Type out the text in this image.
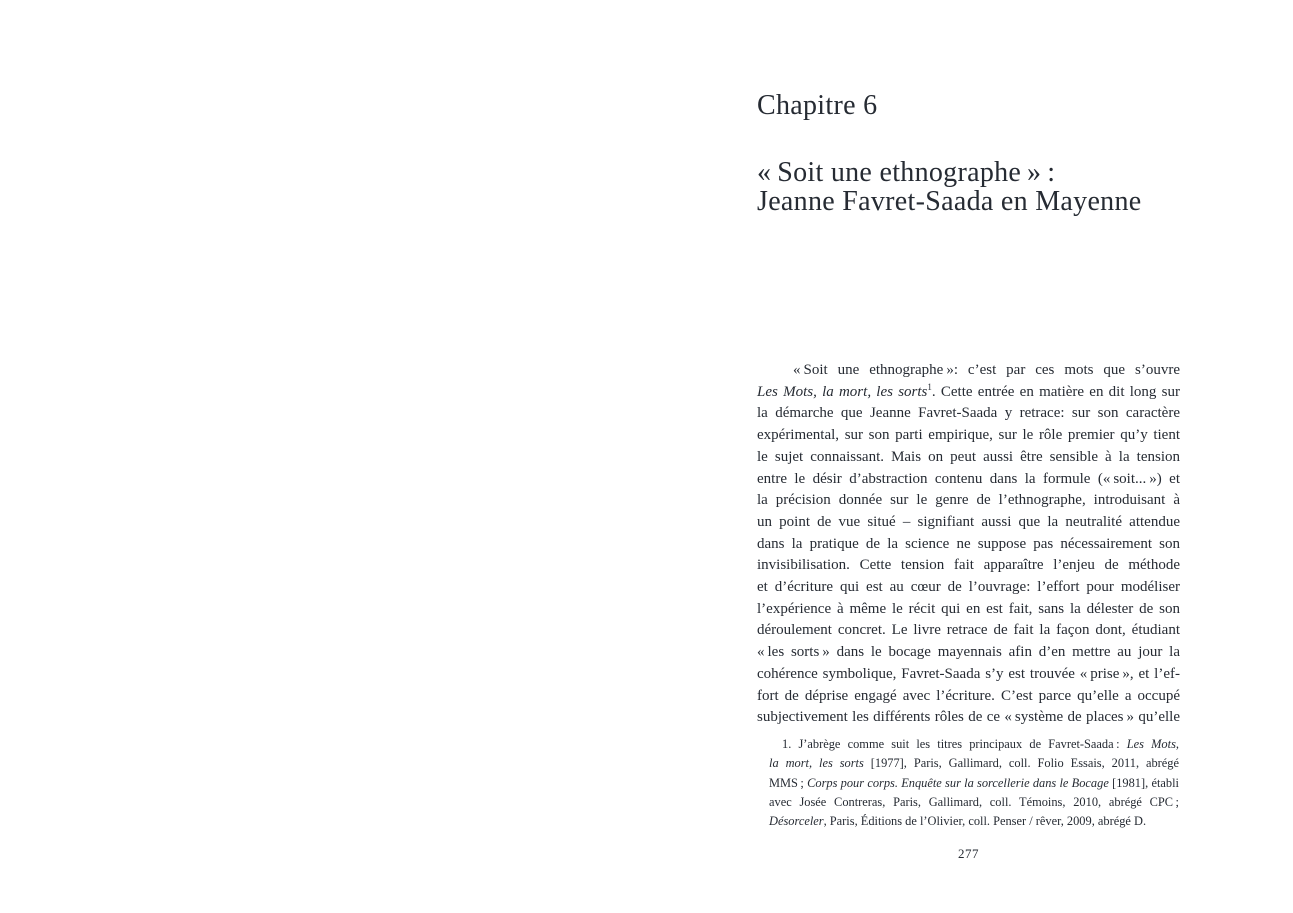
Chapitre 6
« Soit une ethnographe » :
Jeanne Favret-Saada en Mayenne
« Soit une ethnographe »: c’est par ces mots que s’ouvre
Les Mots, la mort, les sorts$^1$. Cette entrée en matière en dit long sur
la démarche que Jeanne Favret-Saada y retrace: sur son caractère
expérimental, sur son parti empirique, sur le rôle premier qu’y tient
le sujet connaissant. Mais on peut aussi être sensible à la tension
entre le désir d’abstraction contenu dans la formule (« soit... ») et
la précision donnée sur le genre de l’ethnographe, introduisant à
un point de vue situé – signifiant aussi que la neutralité attendue
dans la pratique de la science ne suppose pas nécessairement son
invisibilisation. Cette tension fait apparaître l’enjeu de méthode
et d’écriture qui est au cœur de l’ouvrage: l’effort pour modéliser
l’expérience à même le récit qui en est fait, sans la délester de son
déroulement concret. Le livre retrace de fait la façon dont, étudiant
« les sorts » dans le bocage mayennais afin d’en mettre au jour la
cohérence symbolique, Favret-Saada s’y est trouvée « prise », et l’ef-
fort de déprise engagé avec l’écriture. C’est parce qu’elle a occupé
subjectivement les différents rôles de ce « système de places » qu’elle
1. J’abrège comme suit les titres principaux de Favret-Saada : Les Mots,
la mort, les sorts [1977], Paris, Gallimard, coll. Folio Essais, 2011, abrégé
MMS ; Corps pour corps. Enquête sur la sorcellerie dans le Bocage [1981], établi
avec Josée Contreras, Paris, Gallimard, coll. Témoins, 2010, abrégé CPC ;
Désorceler, Paris, Éditions de l’Olivier, coll. Penser / rêver, 2009, abrégé D.
277
